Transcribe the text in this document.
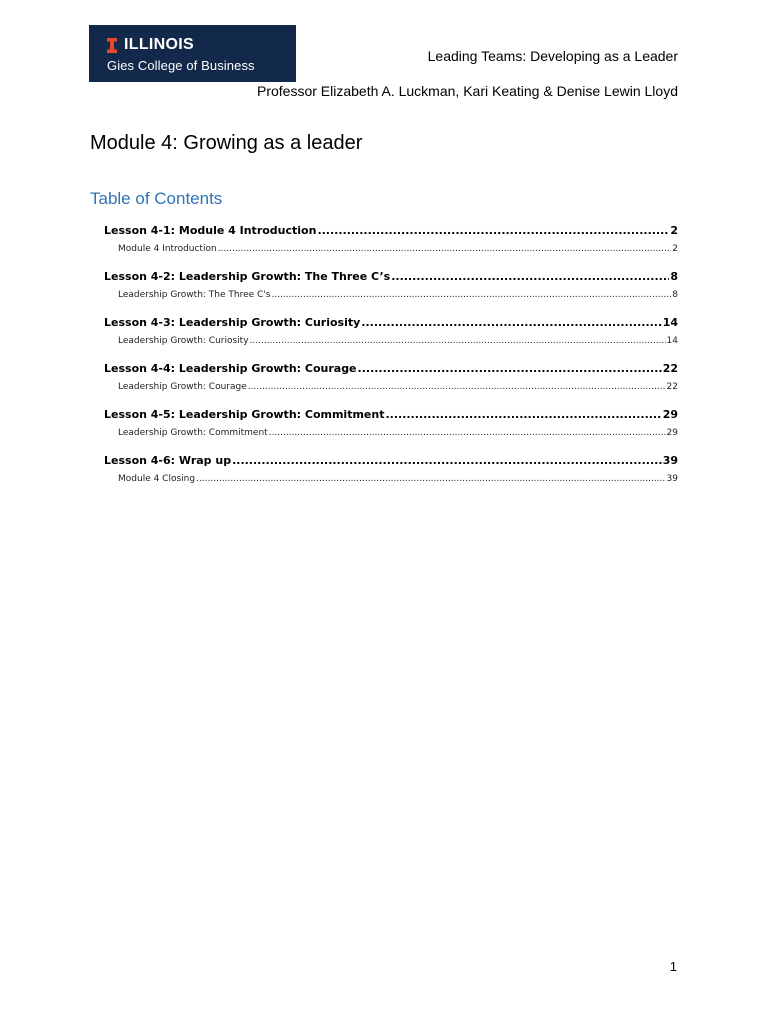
ILLINOIS
Gies College of Business
Leading Teams: Developing as a Leader
Professor Elizabeth A. Luckman, Kari Keating & Denise Lewin Lloyd
Module 4: Growing as a leader
Table of Contents
Lesson 4-1: Module 4 Introduction .....	2
Module 4 Introduction .....	2
Lesson 4-2: Leadership Growth: The Three C’s .....	8
Leadership Growth: The Three C's .....	8
Lesson 4-3: Leadership Growth: Curiosity .....	14
Leadership Growth: Curiosity .....	14
Lesson 4-4: Leadership Growth: Courage .....	22
Leadership Growth: Courage .....	22
Lesson 4-5: Leadership Growth: Commitment .....	29
Leadership Growth: Commitment .....	29
Lesson 4-6: Wrap up .....	39
Module 4 Closing .....	39
1
